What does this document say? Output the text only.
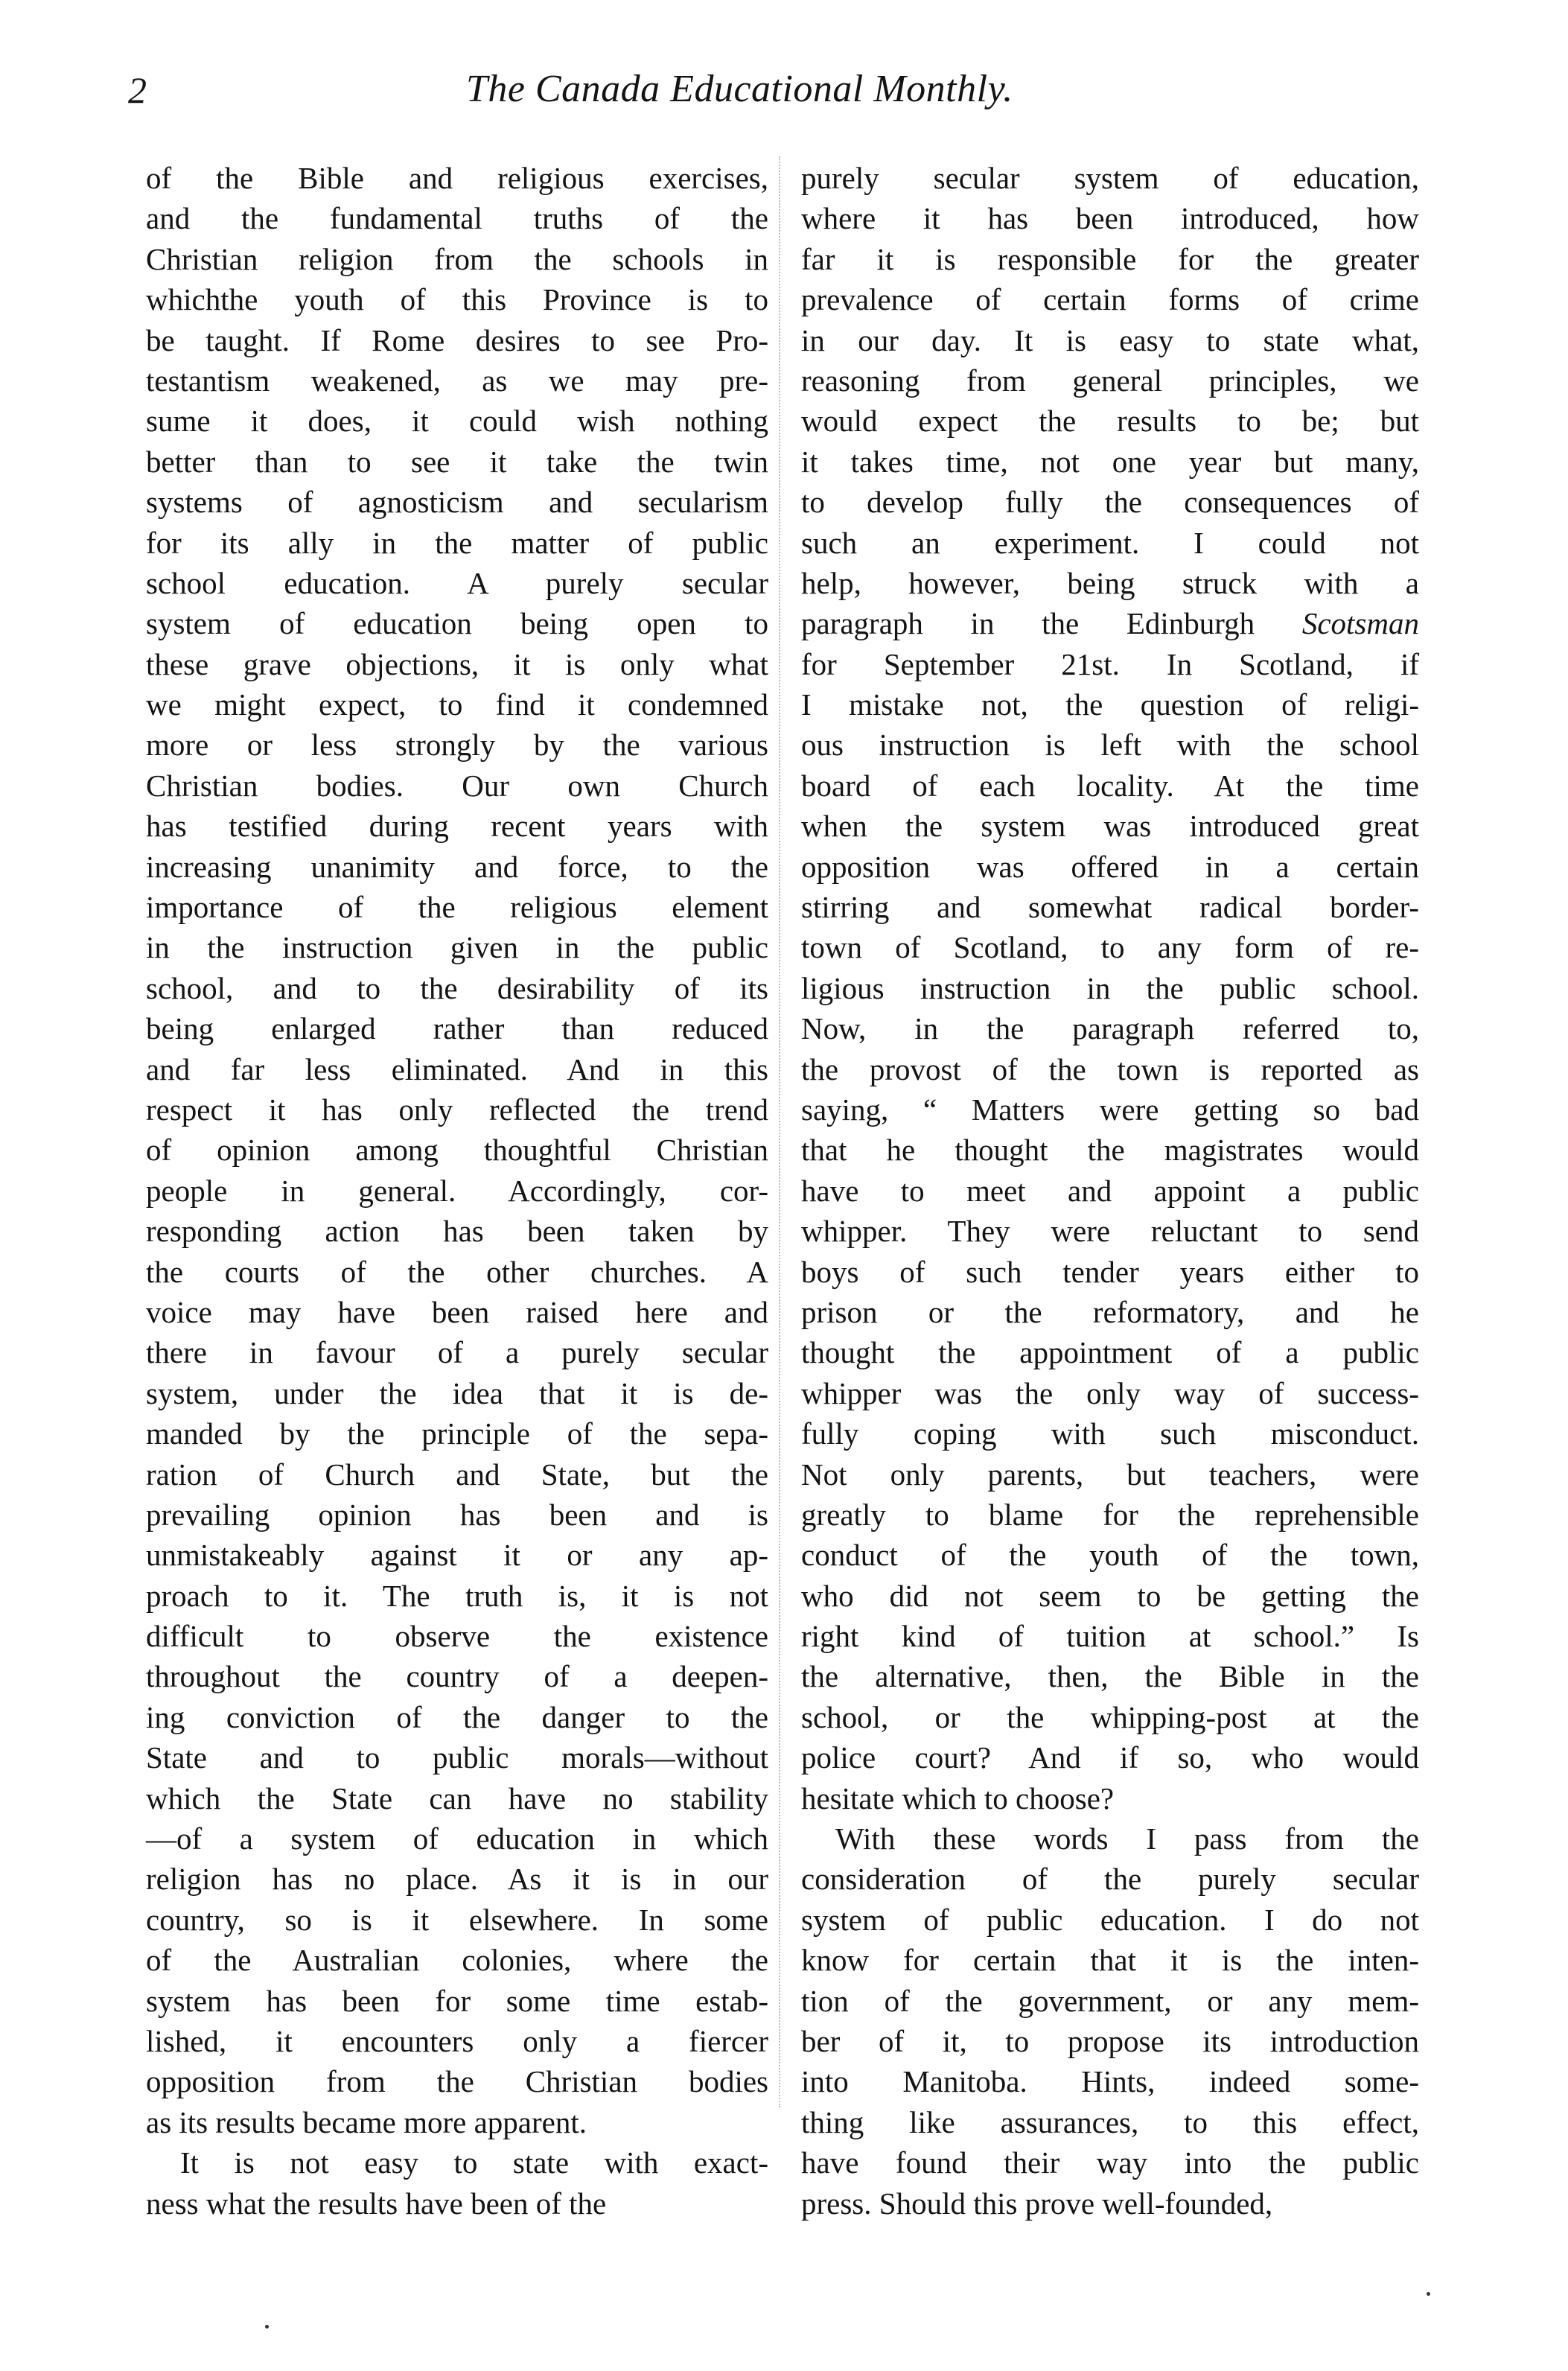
2	The Canada Educational Monthly.
of the Bible and religious exercises,
and the fundamental truths of the
Christian religion from the schools in
whichthe youth of this Province is to
be taught. If Rome desires to see Pro-
testantism weakened, as we may pre-
sume it does, it could wish nothing
better than to see it take the twin
systems of agnosticism and secularism
for its ally in the matter of public
school education. A purely secular
system of education being open to
these grave objections, it is only what
we might expect, to find it condemned
more or less strongly by the various
Christian bodies. Our own Church
has testified during recent years with
increasing unanimity and force, to the
importance of the religious element
in the instruction given in the public
school, and to the desirability of its
being enlarged rather than reduced
and far less eliminated. And in this
respect it has only reflected the trend
of opinion among thoughtful Christian
people in general. Accordingly, cor-
responding action has been taken by
the courts of the other churches. A
voice may have been raised here and
there in favour of a purely secular
system, under the idea that it is de-
manded by the principle of the sepa-
ration of Church and State, but the
prevailing opinion has been and is
unmistakeably against it or any ap-
proach to it. The truth is, it is not
difficult to observe the existence
throughout the country of a deepen-
ing conviction of the danger to the
State and to public morals—without
which the State can have no stability
—of a system of education in which
religion has no place. As it is in our
country, so is it elsewhere. In some
of the Australian colonies, where the
system has been for some time estab-
lished, it encounters only a fiercer
opposition from the Christian bodies
as its results became more apparent.
It is not easy to state with exact-
ness what the results have been of the
purely secular system of education,
where it has been introduced, how
far it is responsible for the greater
prevalence of certain forms of crime
in our day. It is easy to state what,
reasoning from general principles, we
would expect the results to be; but
it takes time, not one year but many,
to develop fully the consequences of
such an experiment. I could not
help, however, being struck with a
paragraph in the Edinburgh Scotsman
for September 21st. In Scotland, if
I mistake not, the question of religi-
ous instruction is left with the school
board of each locality. At the time
when the system was introduced great
opposition was offered in a certain
stirring and somewhat radical border-
town of Scotland, to any form of re-
ligious instruction in the public school.
Now, in the paragraph referred to,
the provost of the town is reported as
saying, “ Matters were getting so bad
that he thought the magistrates would
have to meet and appoint a public
whipper. They were reluctant to send
boys of such tender years either to
prison or the reformatory, and he
thought the appointment of a public
whipper was the only way of success-
fully coping with such misconduct.
Not only parents, but teachers, were
greatly to blame for the reprehensible
conduct of the youth of the town,
who did not seem to be getting the
right kind of tuition at school.” Is
the alternative, then, the Bible in the
school, or the whipping-post at the
police court? And if so, who would
hesitate which to choose?
With these words I pass from the
consideration of the purely secular
system of public education. I do not
know for certain that it is the inten-
tion of the government, or any mem-
ber of it, to propose its introduction
into Manitoba. Hints, indeed some-
thing like assurances, to this effect,
have found their way into the public
press. Should this prove well-founded,
